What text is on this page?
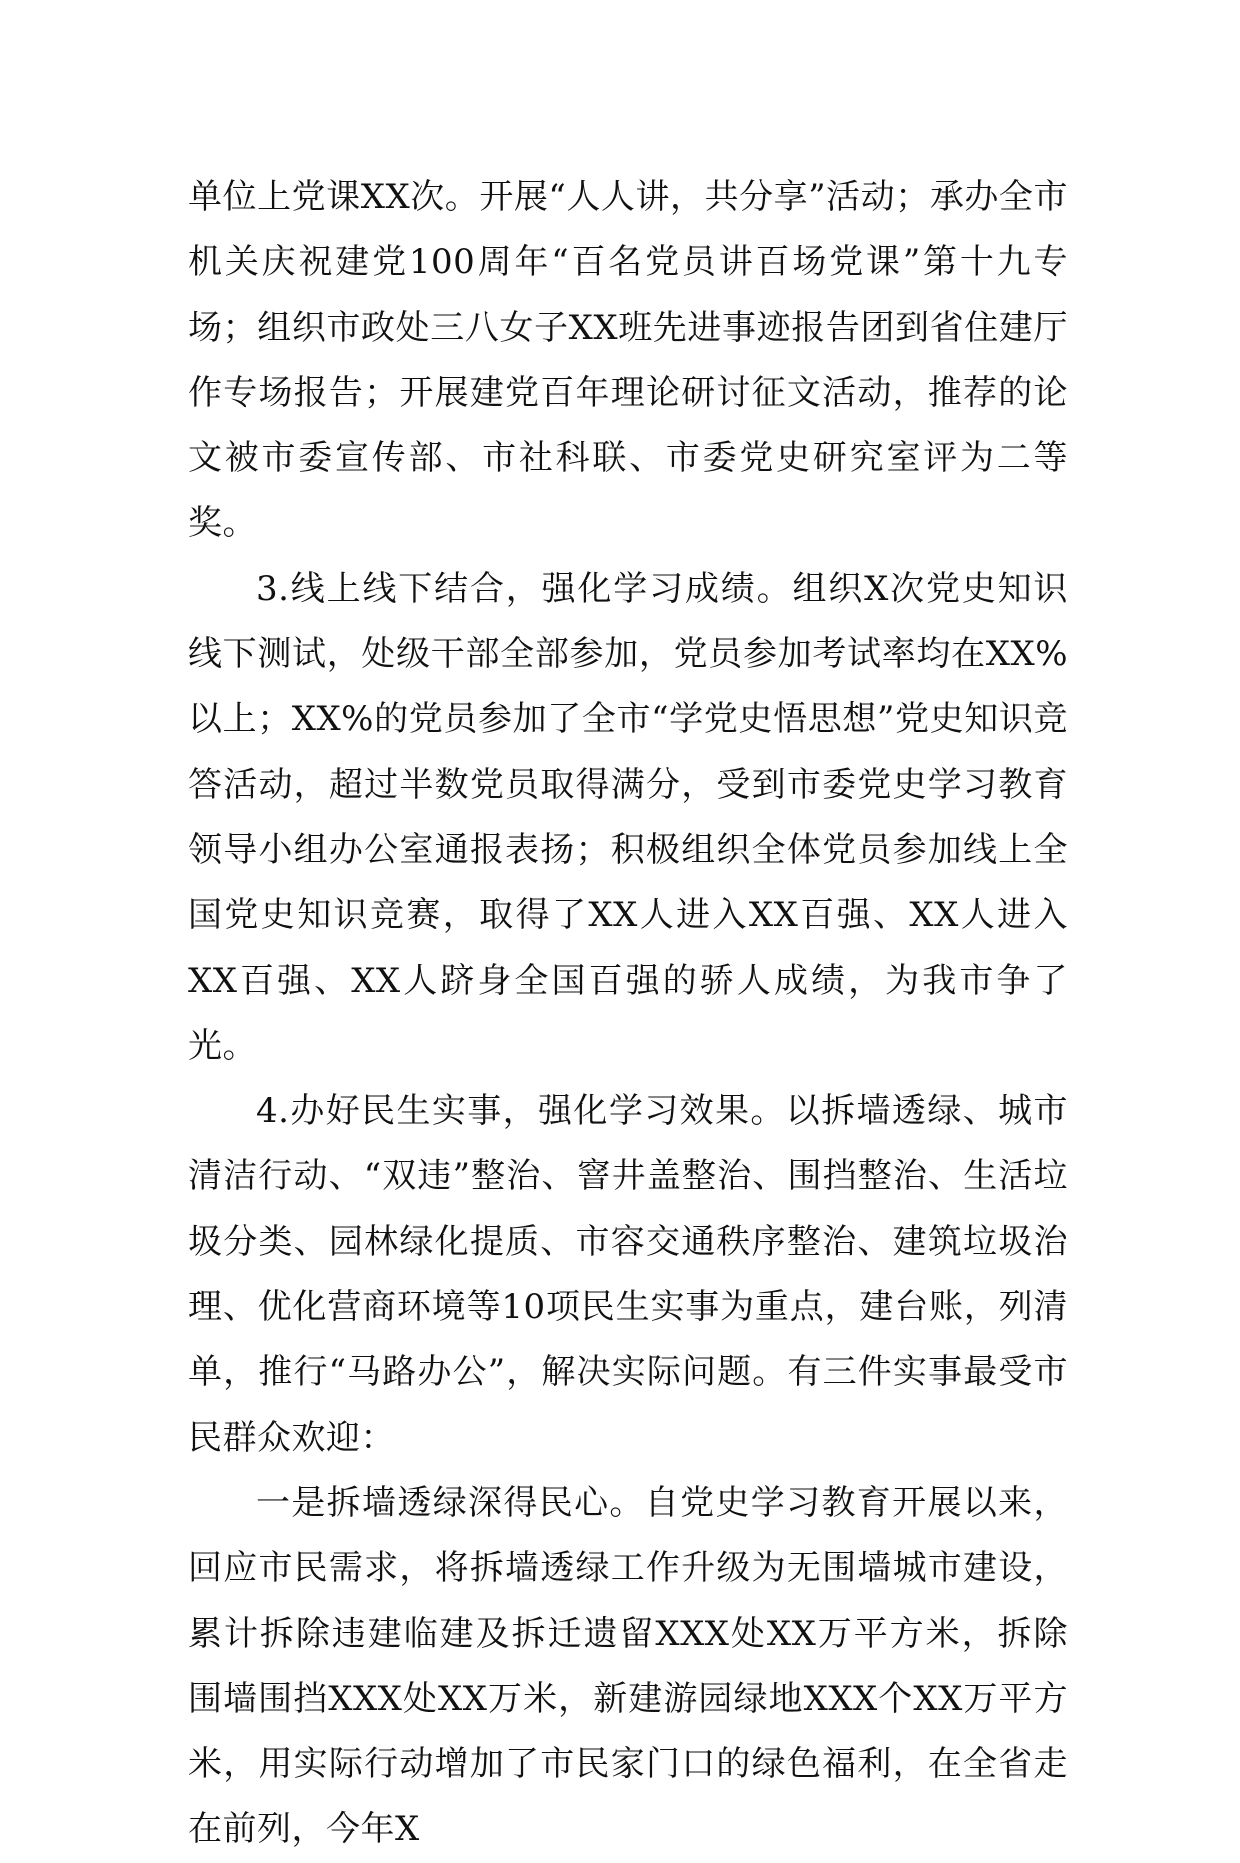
单位上党课XX次。开展“人人讲，共分享”活动；承办全市机关庆祝建党100周年“百名党员讲百场党课”第十九专场；组织市政处三八女子XX班先进事迹报告团到省住建厅作专场报告；开展建党百年理论研讨征文活动，推荐的论文被市委宣传部、市社科联、市委党史研究室评为二等奖。

3.线上线下结合，强化学习成绩。组织X次党史知识线下测试，处级干部全部参加，党员参加考试率均在XX%以上；XX%的党员参加了全市“学党史悟思想”党史知识竞答活动，超过半数党员取得满分，受到市委党史学习教育领导小组办公室通报表扬；积极组织全体党员参加线上全国党史知识竞赛，取得了XX人进入XX百强、XX人进入XX百强、XX人跻身全国百强的骄人成绩，为我市争了光。

4.办好民生实事，强化学习效果。以拆墙透绿、城市清洁行动、“双违”整治、窨井盖整治、围挡整治、生活垃圾分类、园林绿化提质、市容交通秩序整治、建筑垃圾治理、优化营商环境等10项民生实事为重点，建台账，列清单，推行“马路办公”，解决实际问题。有三件实事最受市民群众欢迎：

一是拆墙透绿深得民心。自党史学习教育开展以来，回应市民需求，将拆墙透绿工作升级为无围墙城市建设，累计拆除违建临建及拆迁遗留XXX处XX万平方米，拆除围墙围挡XXX处XX万米，新建游园绿地XXX个XX万平方米，用实际行动增加了市民家门口的绿色福利，在全省走在前列，今年X
